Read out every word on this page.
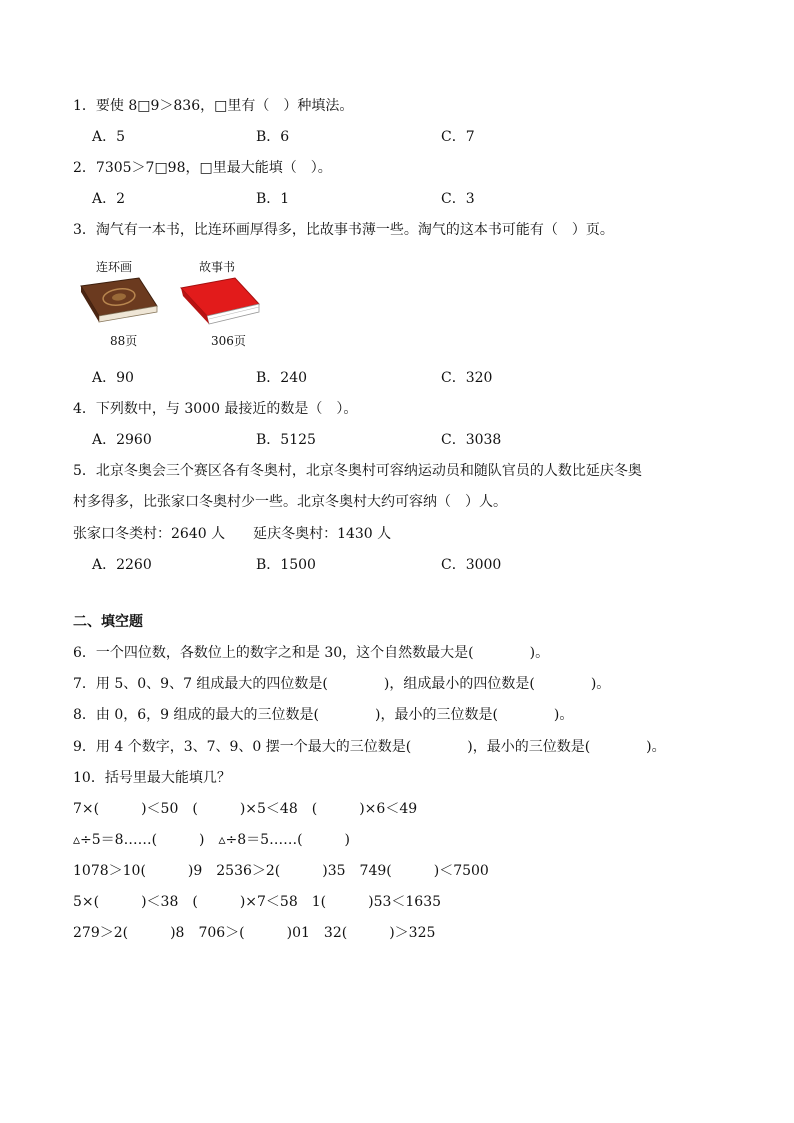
1．要使 8□9＞836，□里有（　）种填法。
A．5	B．6	C．7
2．7305＞7□98，□里最大能填（　）。
A．2	B．1	C．3
3．淘气有一本书，比连环画厚得多，比故事书薄一些。淘气的这本书可能有（　）页。
连环画
88页
故事书
306页
A．90	B．240	C．320
4．下列数中，与 3000 最接近的数是（　）。
A．2960	B．5125	C．3038
5．北京冬奥会三个赛区各有冬奥村，北京冬奥村可容纳运动员和随队官员的人数比延庆冬奥
村多得多，比张家口冬奥村少一些。北京冬奥村大约可容纳（　）人。
张家口冬类村：2640 人　　延庆冬奥村：1430 人
A．2260	B．1500	C．3000
二、填空题
6．一个四位数，各数位上的数字之和是 30，这个自然数最大是(　　　　)。
7．用 5、0、9、7 组成最大的四位数是(　　　　)，组成最小的四位数是(　　　　)。
8．由 0，6，9 组成的最大的三位数是(　　　　)，最小的三位数是(　　　　)。
9．用 4 个数字，3、7、9、0 摆一个最大的三位数是(　　　　)，最小的三位数是(　　　　)。
10．括号里最大能填几？
7×(　　　)＜50　(　　　)×5＜48　(　　　)×6＜49
▵÷5＝8……(　　　)　▵÷8＝5……(　　　)
1078＞10(　　　)9　2536＞2(　　　)35　749(　　　)＜7500
5×(　　　)＜38　(　　　)×7＜58　1(　　　)53＜1635
279＞2(　　　)8　706＞(　　　)01　32(　　　)＞325
